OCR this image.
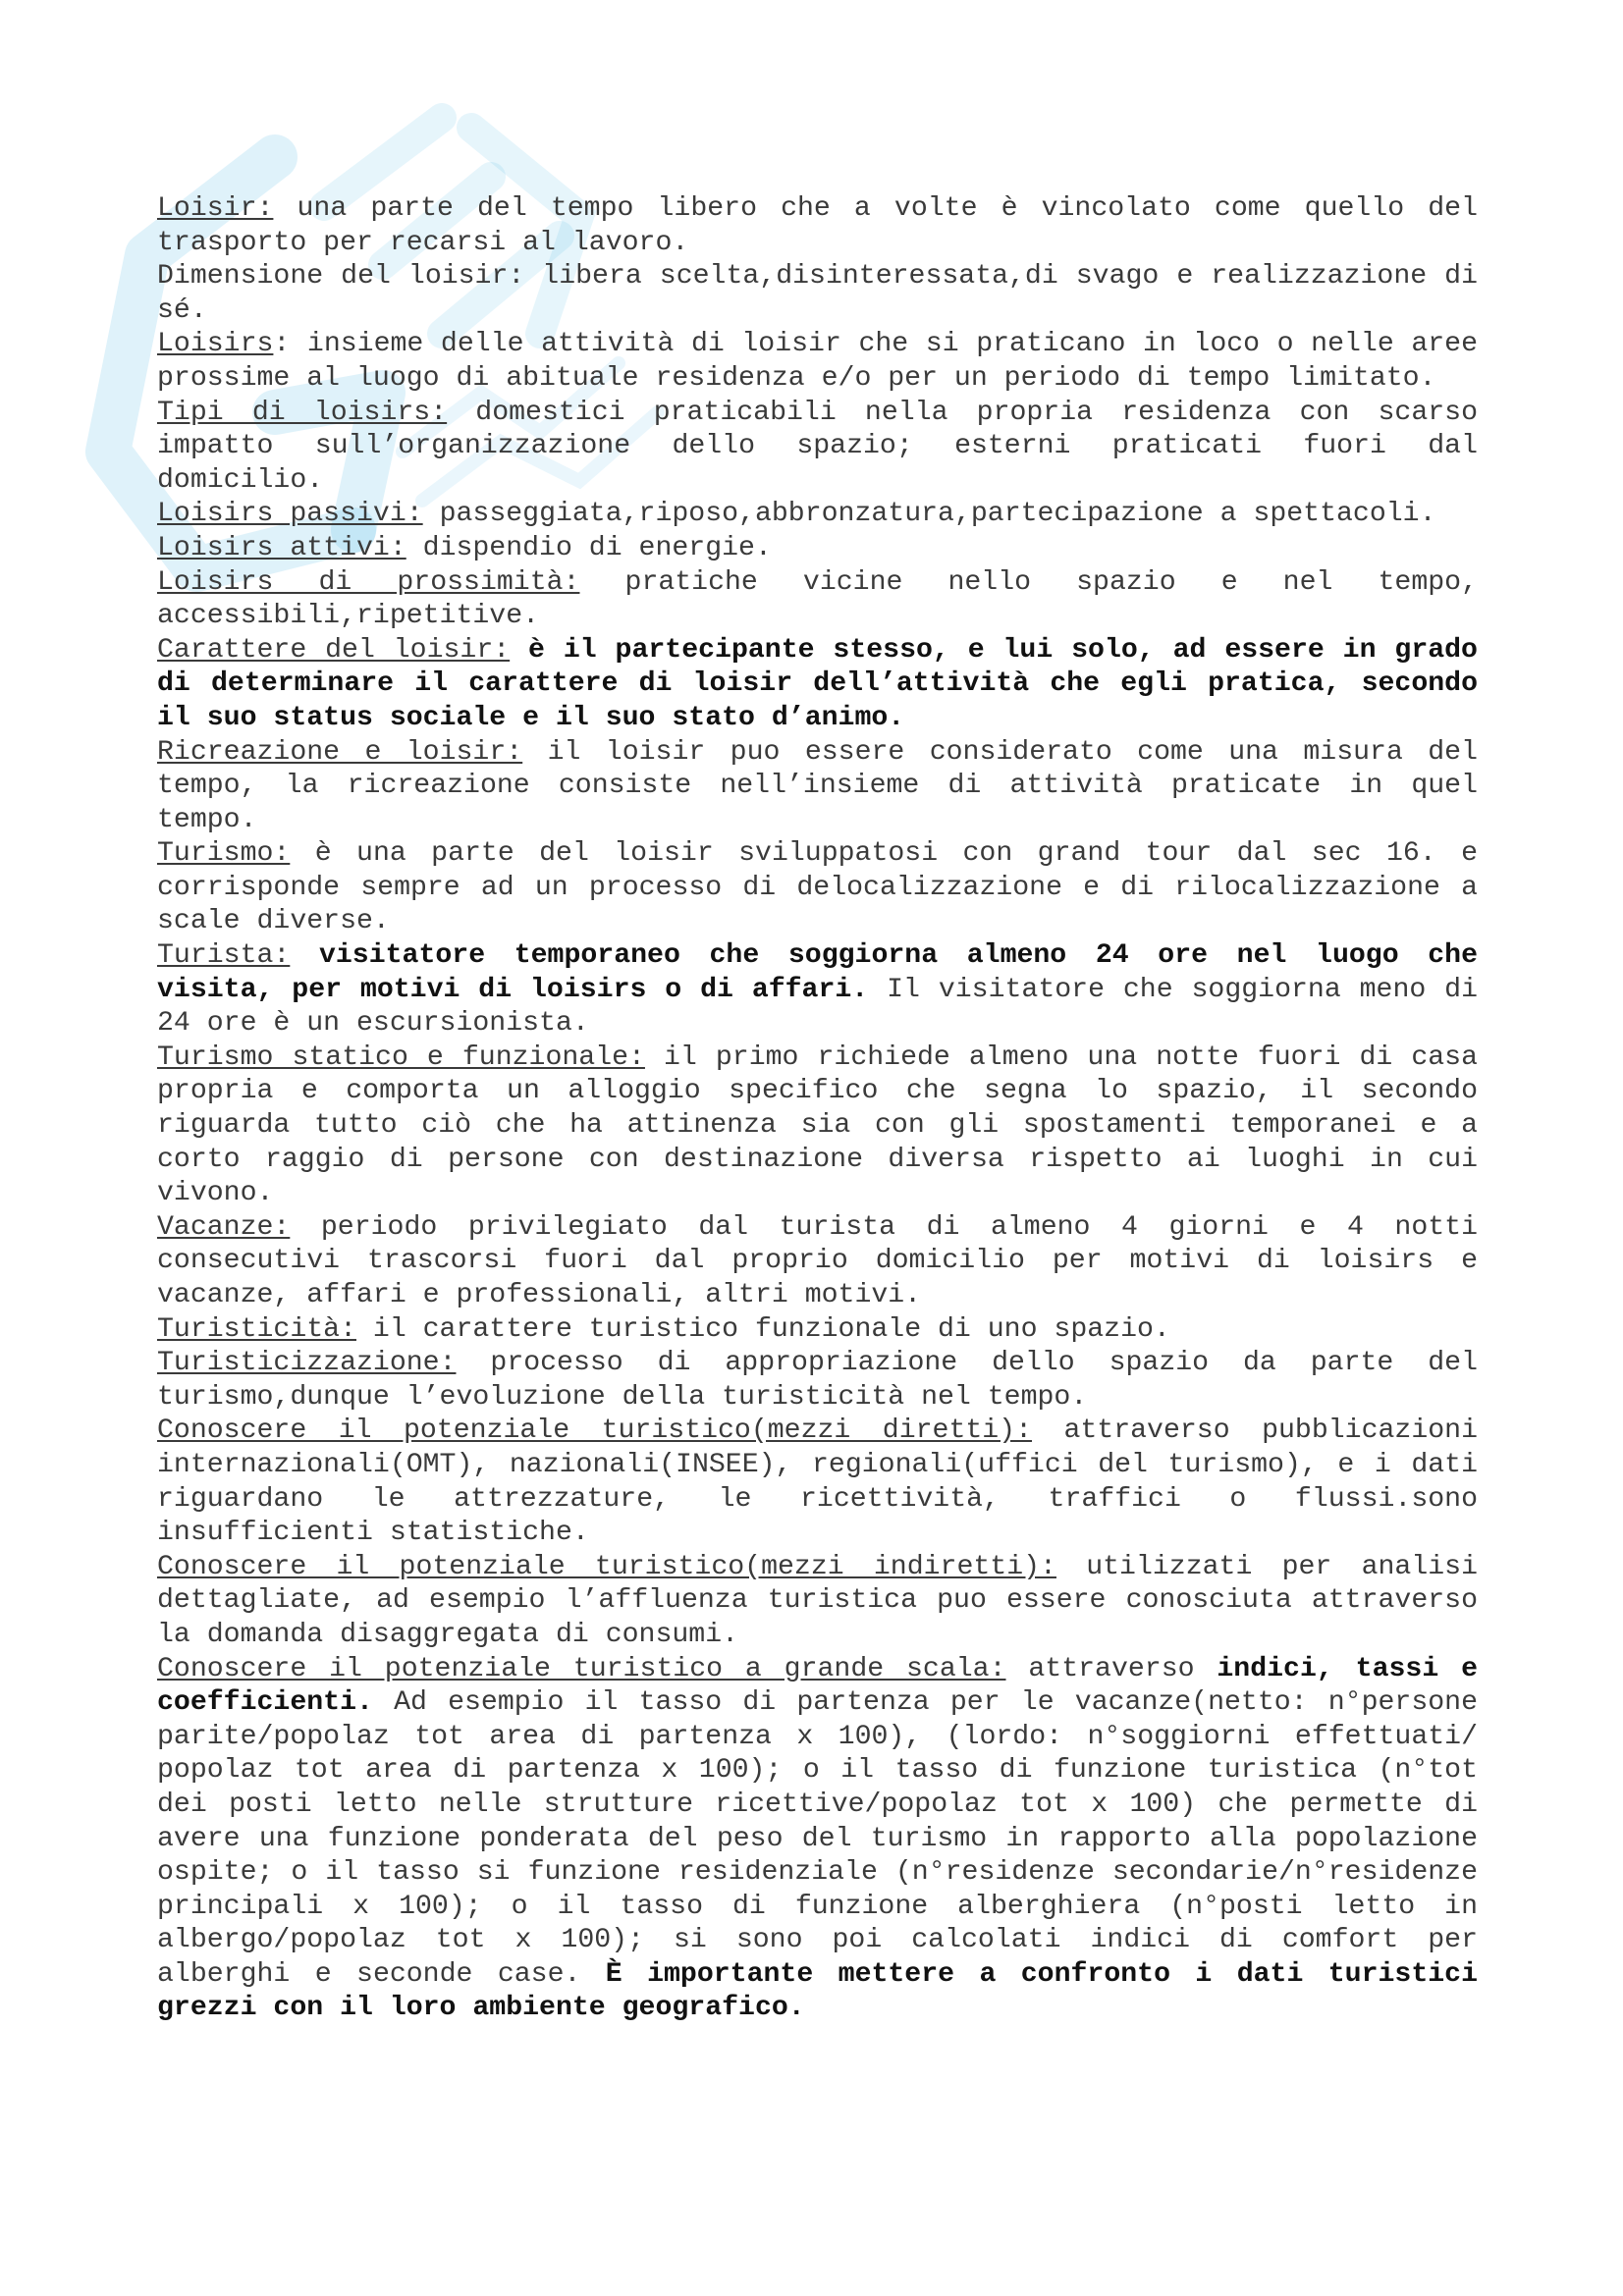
Loisir: una parte del tempo libero che a volte è vincolato come quello del trasporto per recarsi al lavoro.

Dimensione del loisir: libera scelta,disinteressata,di svago e realizzazione di sé.

Loisirs: insieme delle attività di loisir che si praticano in loco o nelle aree prossime al luogo di abituale residenza e/o per un periodo di tempo limitato.

Tipi di loisirs: domestici praticabili nella propria residenza con scarso impatto sull’organizzazione dello spazio; esterni praticati fuori dal domicilio.

Loisirs passivi: passeggiata,riposo,abbronzatura,partecipazione a spettacoli.

Loisirs attivi: dispendio di energie.

Loisirs di prossimità: pratiche vicine nello spazio e nel tempo, accessibili,ripetitive.

Carattere del loisir: è il partecipante stesso, e lui solo, ad essere in grado di determinare il carattere di loisir dell’attività che egli pratica, secondo il suo status sociale e il suo stato d’animo.

Ricreazione e loisir: il loisir puo essere considerato come una misura del tempo, la ricreazione consiste nell’insieme di attività praticate in quel tempo.

Turismo: è una parte del loisir sviluppatosi con grand tour dal sec 16. e corrisponde sempre ad un processo di delocalizzazione e di rilocalizzazione a scale diverse.

Turista: visitatore temporaneo che soggiorna almeno 24 ore nel luogo che visita, per motivi di loisirs o di affari. Il visitatore che soggiorna meno di 24 ore è un escursionista.

Turismo statico e funzionale: il primo richiede almeno una notte fuori di casa propria e comporta un alloggio specifico che segna lo spazio, il secondo riguarda tutto ciò che ha attinenza sia con gli spostamenti temporanei e a corto raggio di persone con destinazione diversa rispetto ai luoghi in cui vivono.

Vacanze: periodo privilegiato dal turista di almeno 4 giorni e 4 notti consecutivi trascorsi fuori dal proprio domicilio per motivi di loisirs e vacanze, affari e professionali, altri motivi.

Turisticità: il carattere turistico funzionale di uno spazio.

Turisticizzazione: processo di appropriazione dello spazio da parte del turismo,dunque l’evoluzione della turisticità nel tempo.

Conoscere il potenziale turistico(mezzi diretti): attraverso pubblicazioni internazionali(OMT), nazionali(INSEE), regionali(uffici del turismo), e i dati riguardano le attrezzature, le ricettività, traffici o flussi.sono insufficienti statistiche.

Conoscere il potenziale turistico(mezzi indiretti): utilizzati per analisi dettagliate, ad esempio l’affluenza turistica puo essere conosciuta attraverso la domanda disaggregata di consumi.

Conoscere il potenziale turistico a grande scala: attraverso indici, tassi e coefficienti. Ad esempio il tasso di partenza per le vacanze(netto: n°persone parite/popolaz tot area di partenza x 100), (lordo: n°soggiorni effettuati/ popolaz tot area di partenza x 100); o il tasso di funzione turistica (n°tot dei posti letto nelle strutture ricettive/popolaz tot x 100) che permette di avere una funzione ponderata del peso del turismo in rapporto alla popolazione ospite; o il tasso si funzione residenziale (n°residenze secondarie/n°residenze principali x 100); o il tasso di funzione alberghiera (n°posti letto in albergo/popolaz tot x 100); si sono poi calcolati indici di comfort per alberghi e seconde case. È importante mettere a confronto i dati turistici grezzi con il loro ambiente geografico.
